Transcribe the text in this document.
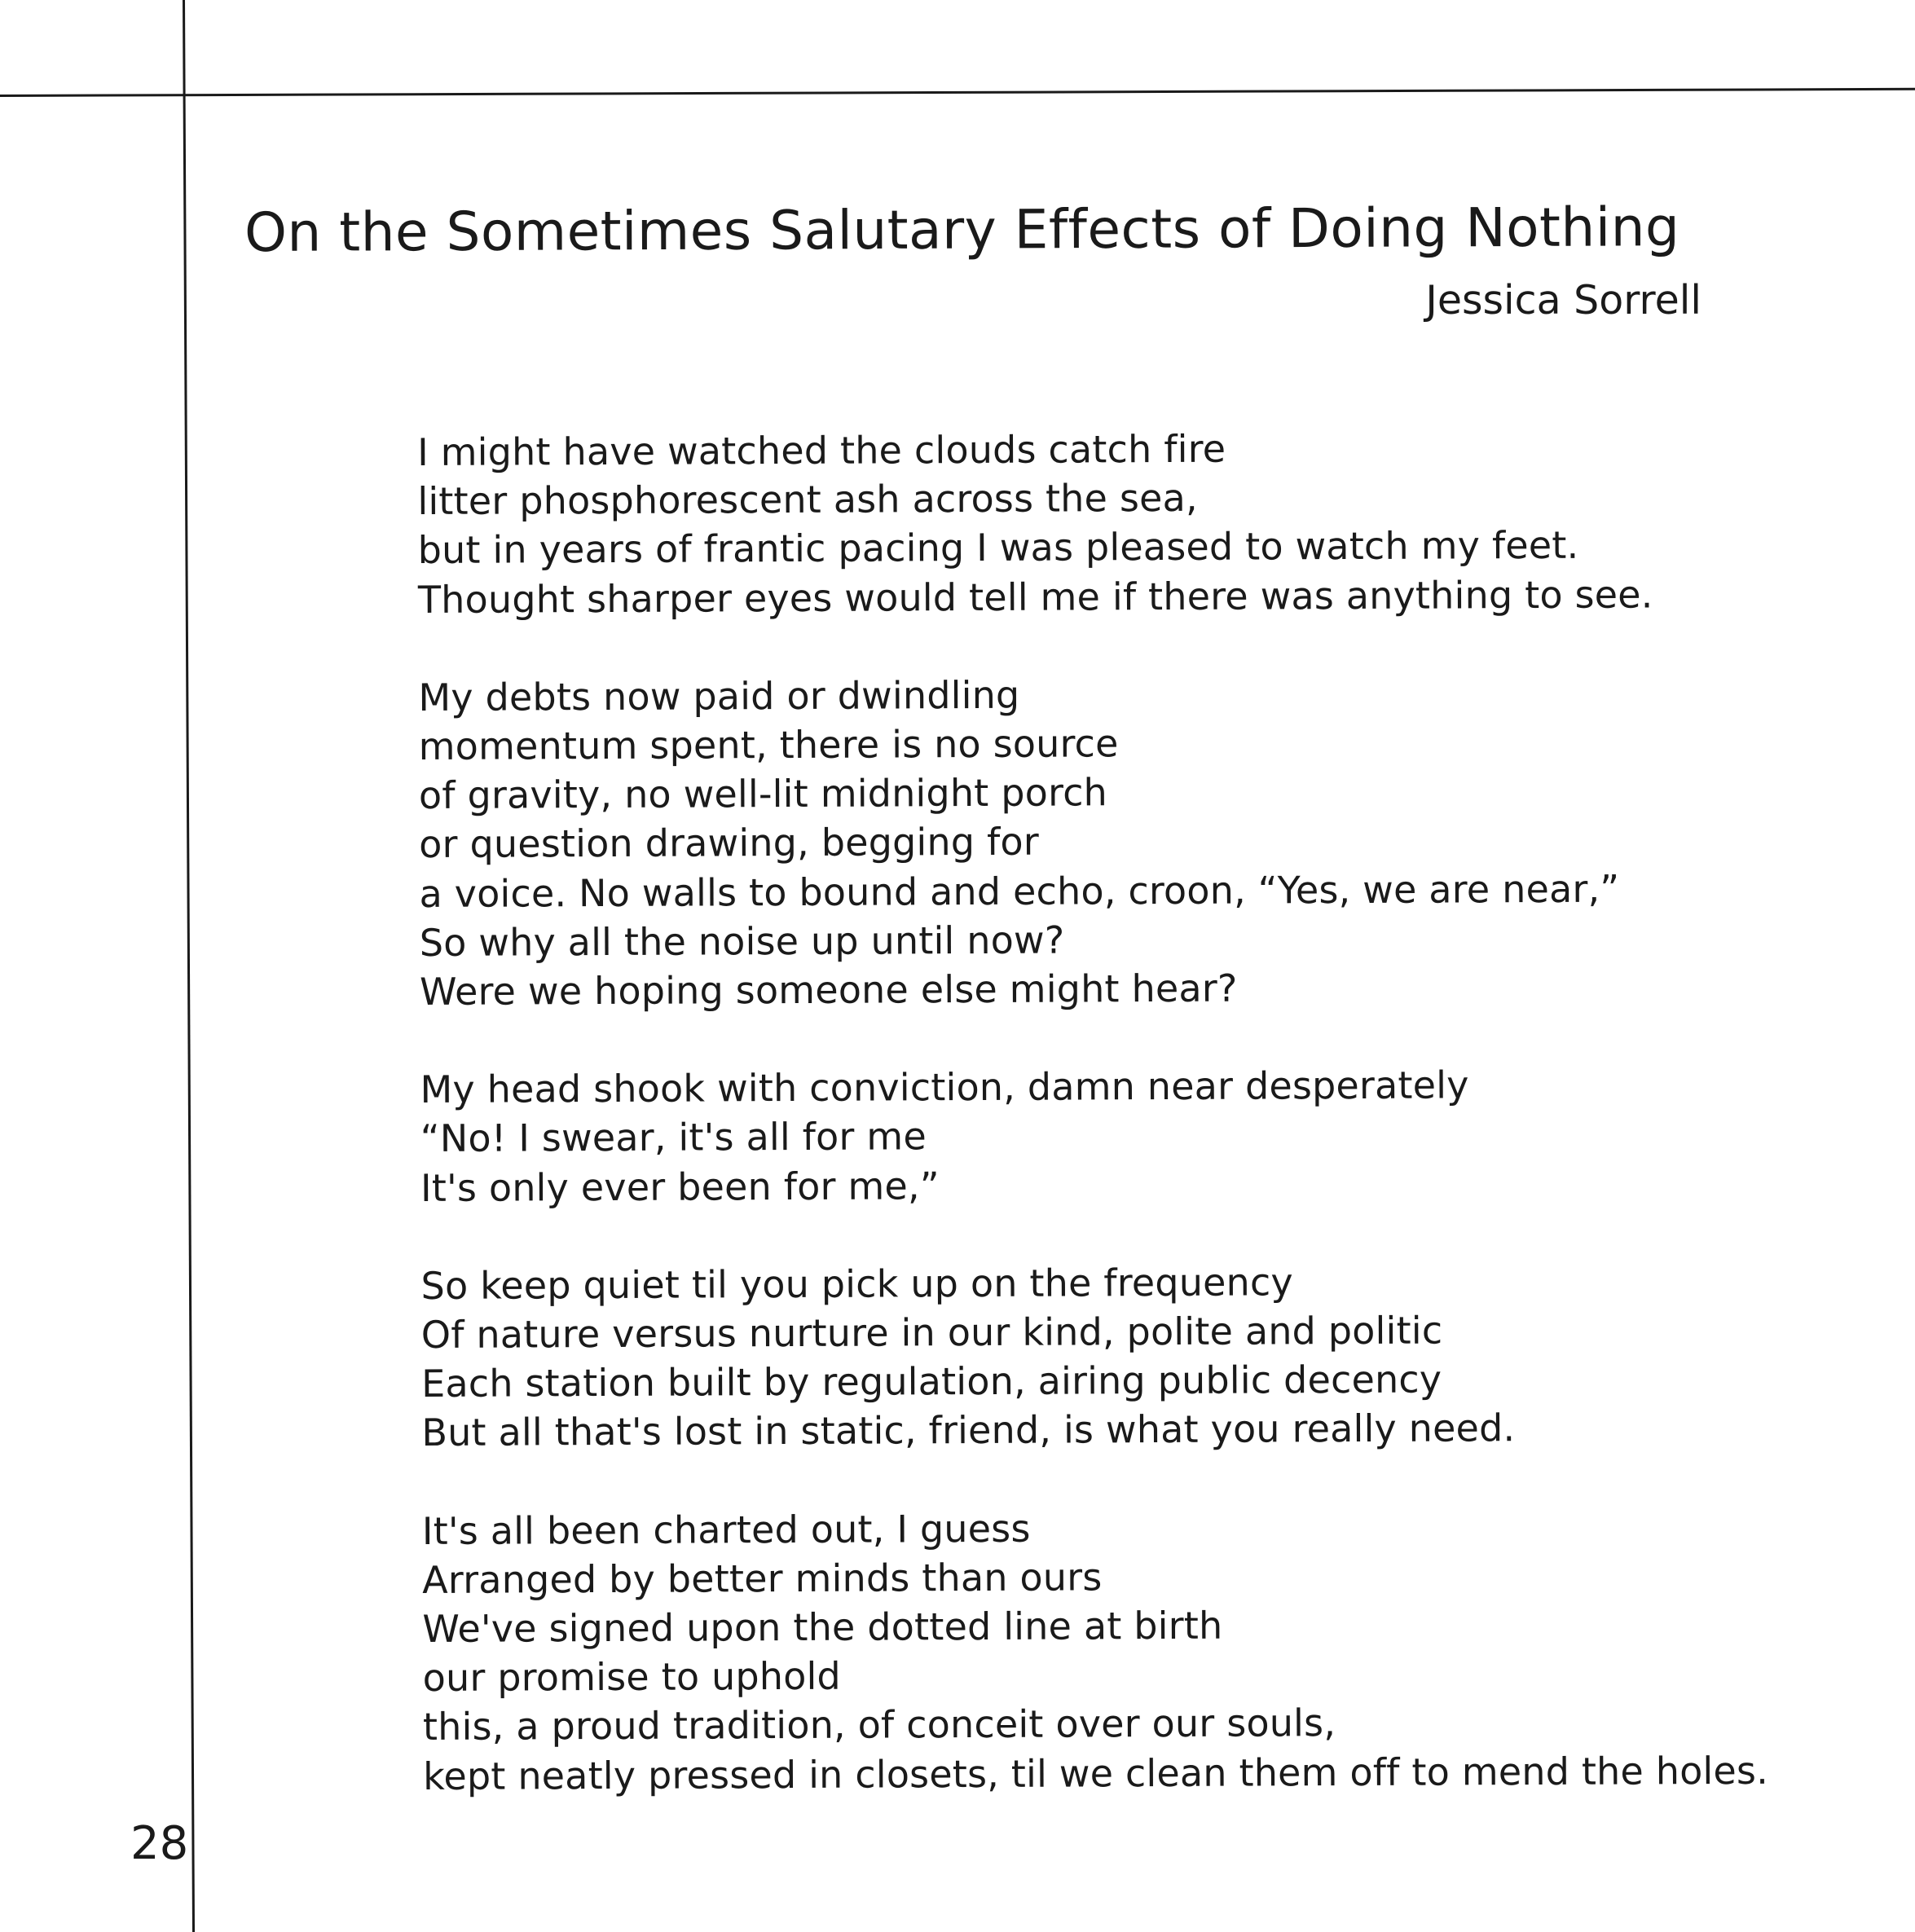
On the Sometimes Salutary Effects of Doing Nothing

Jessica Sorrell

I might have watched the clouds catch fire
litter phosphorescent ash across the sea,
but in years of frantic pacing I was pleased to watch my feet.
Thought sharper eyes would tell me if there was anything to see.
My debts now paid or dwindling
momentum spent, there is no source
of gravity, no well-lit midnight porch
or question drawing, begging for
a voice. No walls to bound and echo, croon, “Yes, we are near,”
So why all the noise up until now?
Were we hoping someone else might hear?
My head shook with conviction, damn near desperately
“No! I swear, it's all for me
It's only ever been for me,”
So keep quiet til you pick up on the frequency
Of nature versus nurture in our kind, polite and politic
Each station built by regulation, airing public decency
But all that's lost in static, friend, is what you really need.
It's all been charted out, I guess
Arranged by better minds than ours
We've signed upon the dotted line at birth
our promise to uphold
this, a proud tradition, of conceit over our souls,
kept neatly pressed in closets, til we clean them off to mend the holes.
28
